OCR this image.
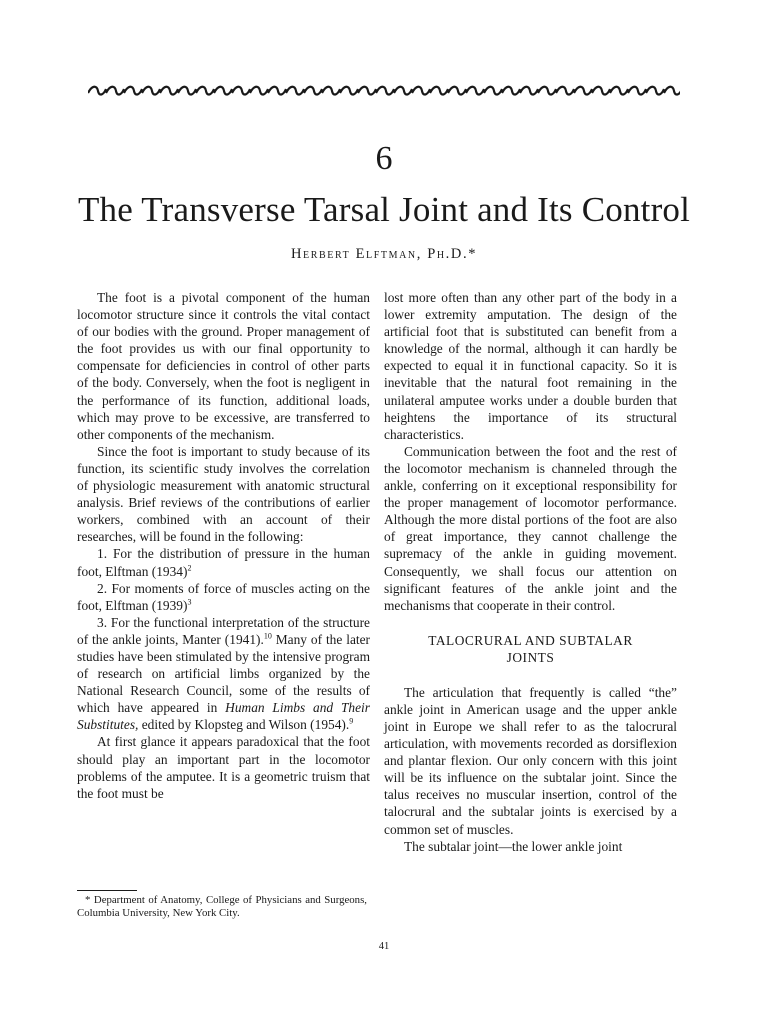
6
The Transverse Tarsal Joint and Its Control
Herbert Elftman, Ph.D.*

The foot is a pivotal component of the human locomotor structure since it controls the vital contact of our bodies with the ground. Proper management of the foot provides us with our final opportunity to compensate for deficiencies in control of other parts of the body. Conversely, when the foot is negligent in the performance of its function, additional loads, which may prove to be excessive, are transferred to other components of the mechanism.

Since the foot is important to study because of its function, its scientific study involves the correlation of physiologic measurement with anatomic structural analysis. Brief reviews of the contributions of earlier workers, combined with an account of their researches, will be found in the following:

1. For the distribution of pressure in the human foot, Elftman $(1934)^2$

2. For moments of force of muscles acting on the foot, Elftman $(1939)^3$

3. For the functional interpretation of the structure of the ankle joints, Manter (1941).$^{10}$ Many of the later studies have been stimulated by the intensive program of research on artificial limbs organized by the National Research Council, some of the results of which have appeared in Human Limbs and Their Substitutes, edited by Klopsteg and Wilson (1954).$^9$

At first glance it appears paradoxical that the foot should play an important part in the locomotor problems of the amputee. It is a geometric truism that the foot must be

lost more often than any other part of the body in a lower extremity amputation. The design of the artificial foot that is substituted can benefit from a knowledge of the normal, although it can hardly be expected to equal it in functional capacity. So it is inevitable that the natural foot remaining in the unilateral amputee works under a double burden that heightens the importance of its structural characteristics.

Communication between the foot and the rest of the locomotor mechanism is channeled through the ankle, conferring on it exceptional responsibility for the proper management of locomotor performance. Although the more distal portions of the foot are also of great importance, they cannot challenge the supremacy of the ankle in guiding movement. Consequently, we shall focus our attention on significant features of the ankle joint and the mechanisms that cooperate in their control.

TALOCRURAL AND SUBTALAR
JOINTS

The articulation that frequently is called “the” ankle joint in American usage and the upper ankle joint in Europe we shall refer to as the talocrural articulation, with movements recorded as dorsiflexion and plantar flexion. Our only concern with this joint will be its influence on the subtalar joint. Since the talus receives no muscular insertion, control of the talocrural and the subtalar joints is exercised by a common set of muscles.

The subtalar joint—the lower ankle joint

* Department of Anatomy, College of Physicians and Surgeons, Columbia University, New York City.
41
